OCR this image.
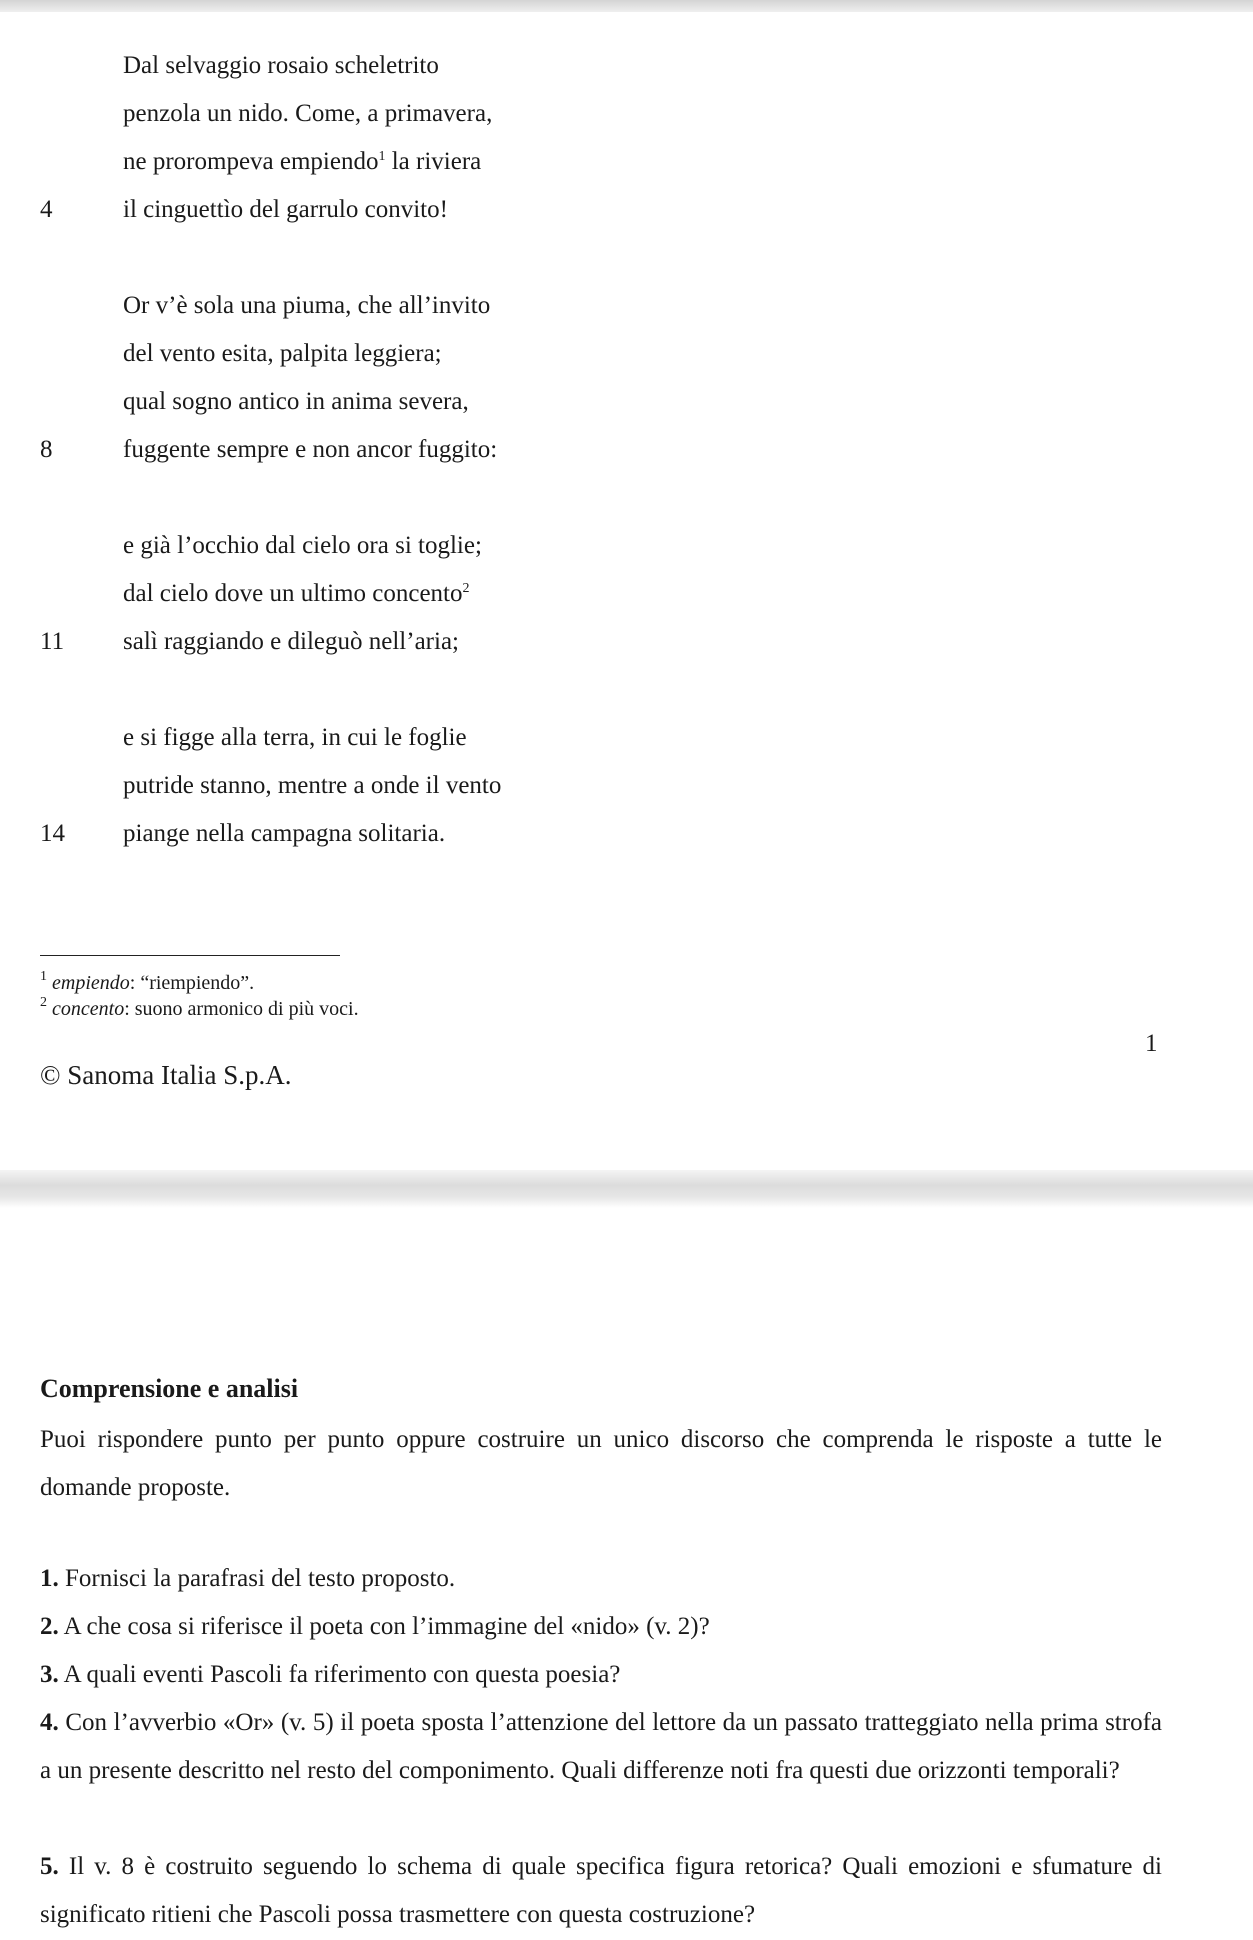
Dal selvaggio rosaio scheletrito
penzola un nido. Come, a primavera,
ne prorompeva empiendo$^1$ la riviera
4	il cinguettìo del garrulo convito!
Or v’è sola una piuma, che all’invito
del vento esita, palpita leggiera;
qual sogno antico in anima severa,
8	fuggente sempre e non ancor fuggito:
e già l’occhio dal cielo ora si toglie;
dal cielo dove un ultimo concento$^2$
11 salì raggiando e dileguò nell’aria;
e si figge alla terra, in cui le foglie
putride stanno, mentre a onde il vento
14 piange nella campagna solitaria.
$^1$ empiendo: “riempiendo”.
$^2$ concento: suono armonico di più voci.
1
© Sanoma Italia S.p.A.
Comprensione e analisi
Puoi rispondere punto per punto oppure costruire un unico discorso che comprenda le risposte a tutte le domande proposte.
1. Fornisci la parafrasi del testo proposto.
2. A che cosa si riferisce il poeta con l’immagine del «nido» (v. 2)?
3. A quali eventi Pascoli fa riferimento con questa poesia?
4. Con l’avverbio «Or» (v. 5) il poeta sposta l’attenzione del lettore da un passato tratteggiato nella prima strofa a un presente descritto nel resto del componimento. Quali differenze noti fra questi due orizzonti temporali?
5. Il v. 8 è costruito seguendo lo schema di quale specifica figura retorica? Quali emozioni e sfumature di significato ritieni che Pascoli possa trasmettere con questa costruzione?
